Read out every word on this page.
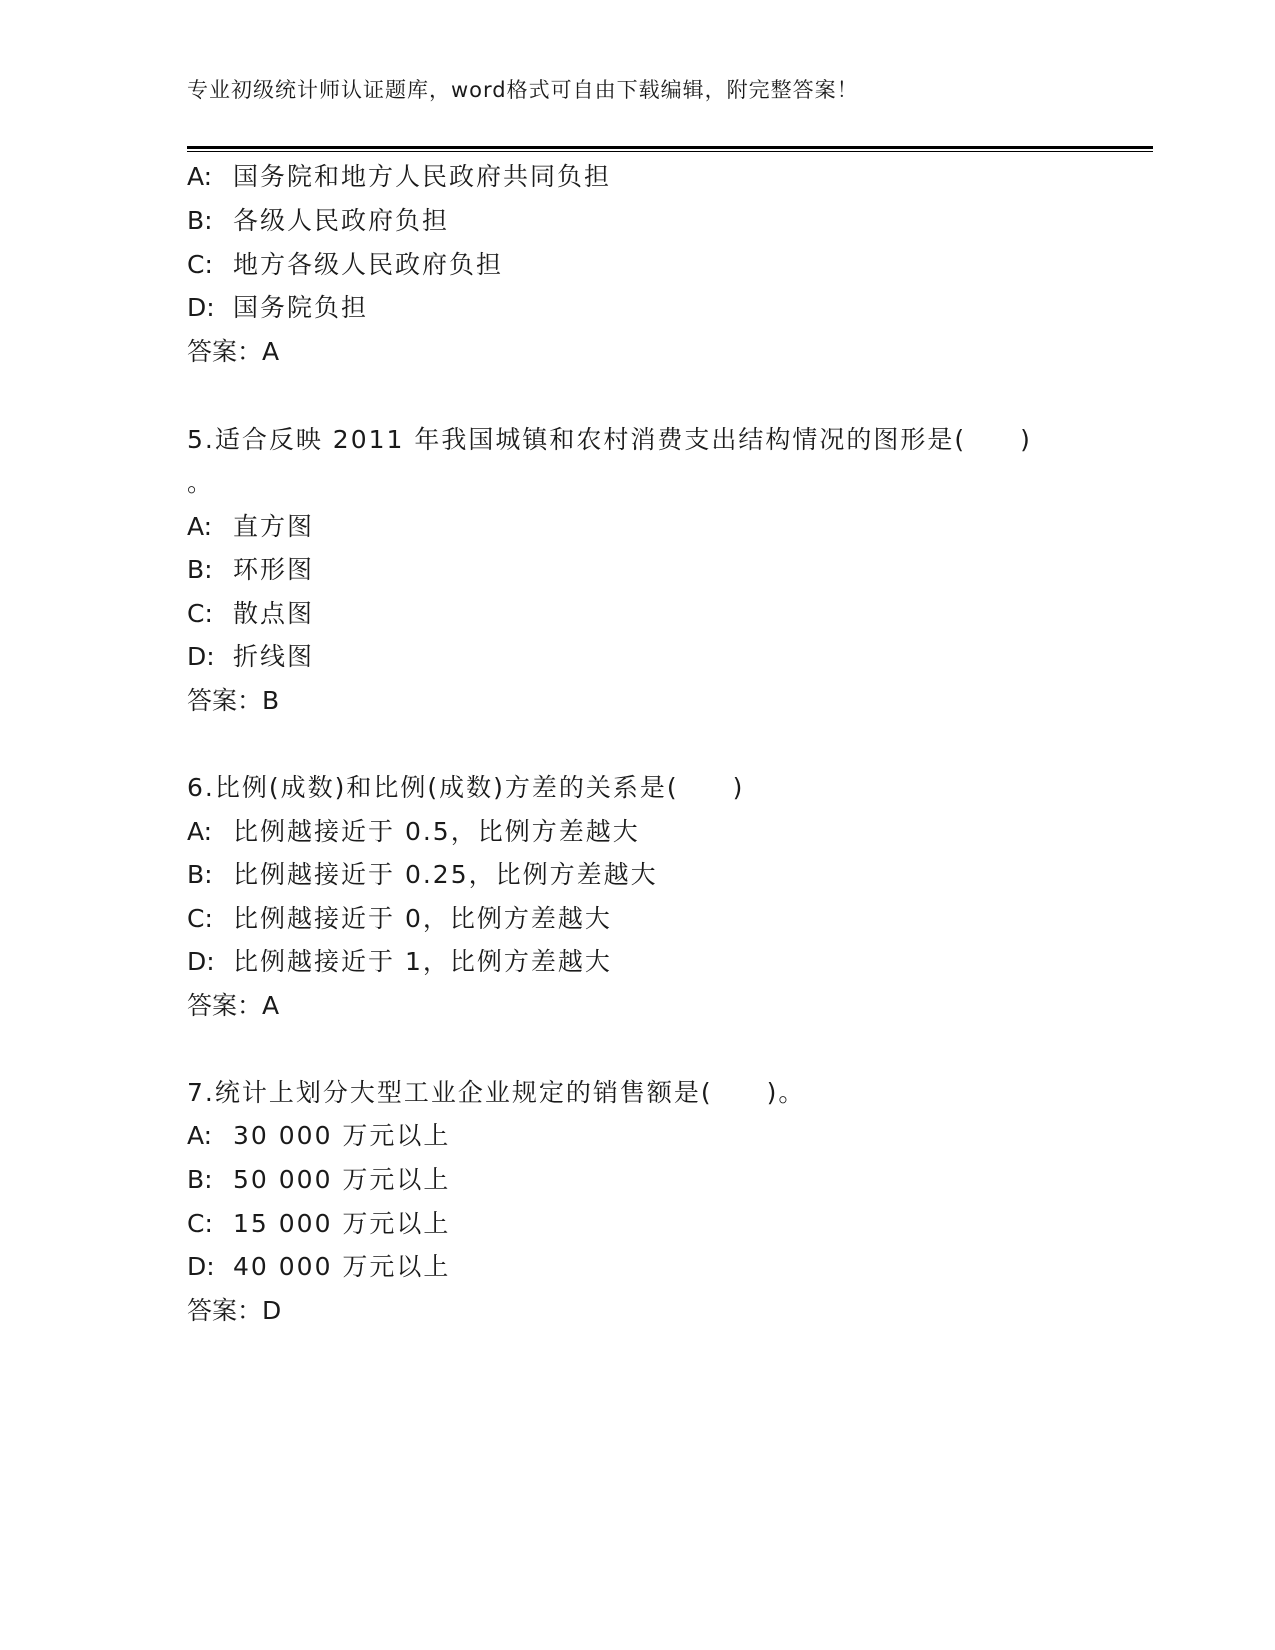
专业初级统计师认证题库，word格式可自由下载编辑，附完整答案！
A: 国务院和地方人民政府共同负担
B: 各级人民政府负担
C: 地方各级人民政府负担
D: 国务院负担
答案：A
5.适合反映 2011 年我国城镇和农村消费支出结构情况的图形是(　　)
。
A: 直方图
B: 环形图
C: 散点图
D: 折线图
答案：B
6.比例(成数)和比例(成数)方差的关系是(　　)
A: 比例越接近于 0.5，比例方差越大
B: 比例越接近于 0.25，比例方差越大
C: 比例越接近于 0，比例方差越大
D: 比例越接近于 1，比例方差越大
答案：A
7.统计上划分大型工业企业规定的销售额是(　　)。
A: 30 000 万元以上
B: 50 000 万元以上
C: 15 000 万元以上
D: 40 000 万元以上
答案：D
